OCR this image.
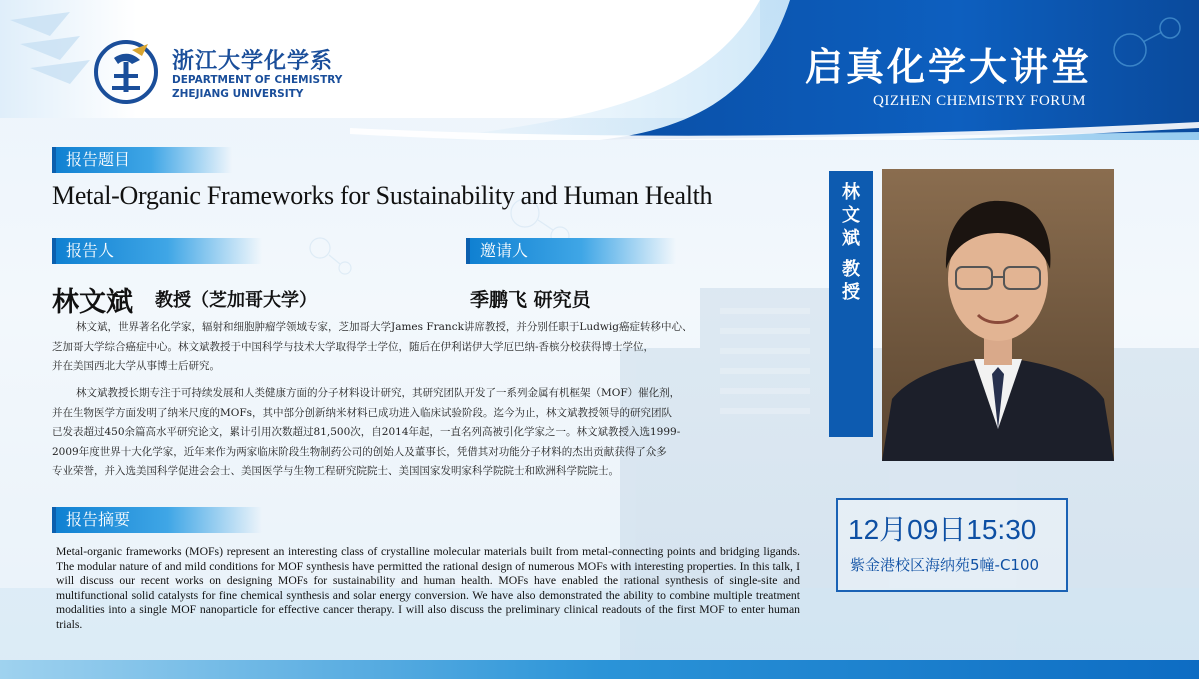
浙江大学化学系
DEPARTMENT OF CHEMISTRY
ZHEJIANG UNIVERSITY
启真化学大讲堂
QIZHEN CHEMISTRY FORUM
报告题目
Metal-Organic Frameworks for Sustainability and Human Health
报告人	邀请人
林文斌 教授（芝加哥大学）	季鹏飞 研究员
林文斌，世界著名化学家，辐射和细胞肿瘤学领域专家，芝加哥大学James Franck讲席教授，并分别任职于Ludwig癌症转移中心、
芝加哥大学综合癌症中心。林文斌教授于中国科学与技术大学取得学士学位，随后在伊利诺伊大学厄巴纳-香槟分校获得博士学位，
并在美国西北大学从事博士后研究。
林文斌教授长期专注于可持续发展和人类健康方面的分子材料设计研究，其研究团队开发了一系列金属有机框架（MOF）催化剂，
并在生物医学方面发明了纳米尺度的MOFs，其中部分创新纳米材料已成功进入临床试验阶段。迄今为止，林文斌教授领导的研究团队
已发表超过450余篇高水平研究论文，累计引用次数超过81,500次，自2014年起，一直名列高被引化学家之一。林文斌教授入选1999-
2009年度世界十大化学家，近年来作为两家临床阶段生物制药公司的创始人及董事长，凭借其对功能分子材料的杰出贡献获得了众多
专业荣誉，并入选美国科学促进会会士、美国医学与生物工程研究院院士、美国国家发明家科学院院士和欧洲科学院院士。
报告摘要
Metal-organic frameworks (MOFs) represent an interesting class of crystalline molecular materials built from metal-connecting points and bridging ligands. The modular nature of and mild conditions for MOF synthesis have permitted the rational design of numerous MOFs with interesting properties. In this talk, I will discuss our recent works on designing MOFs for sustainability and human health. MOFs have enabled the rational synthesis of single-site and multifunctional solid catalysts for fine chemical synthesis and solar energy conversion. We have also demonstrated the ability to combine multiple treatment modalities into a single MOF nanoparticle for effective cancer therapy. I will also discuss the preliminary clinical readouts of the first MOF to enter human trials.
林
文
斌
教
授
12月09日15:30
紫金港校区海纳苑5幢-C100
